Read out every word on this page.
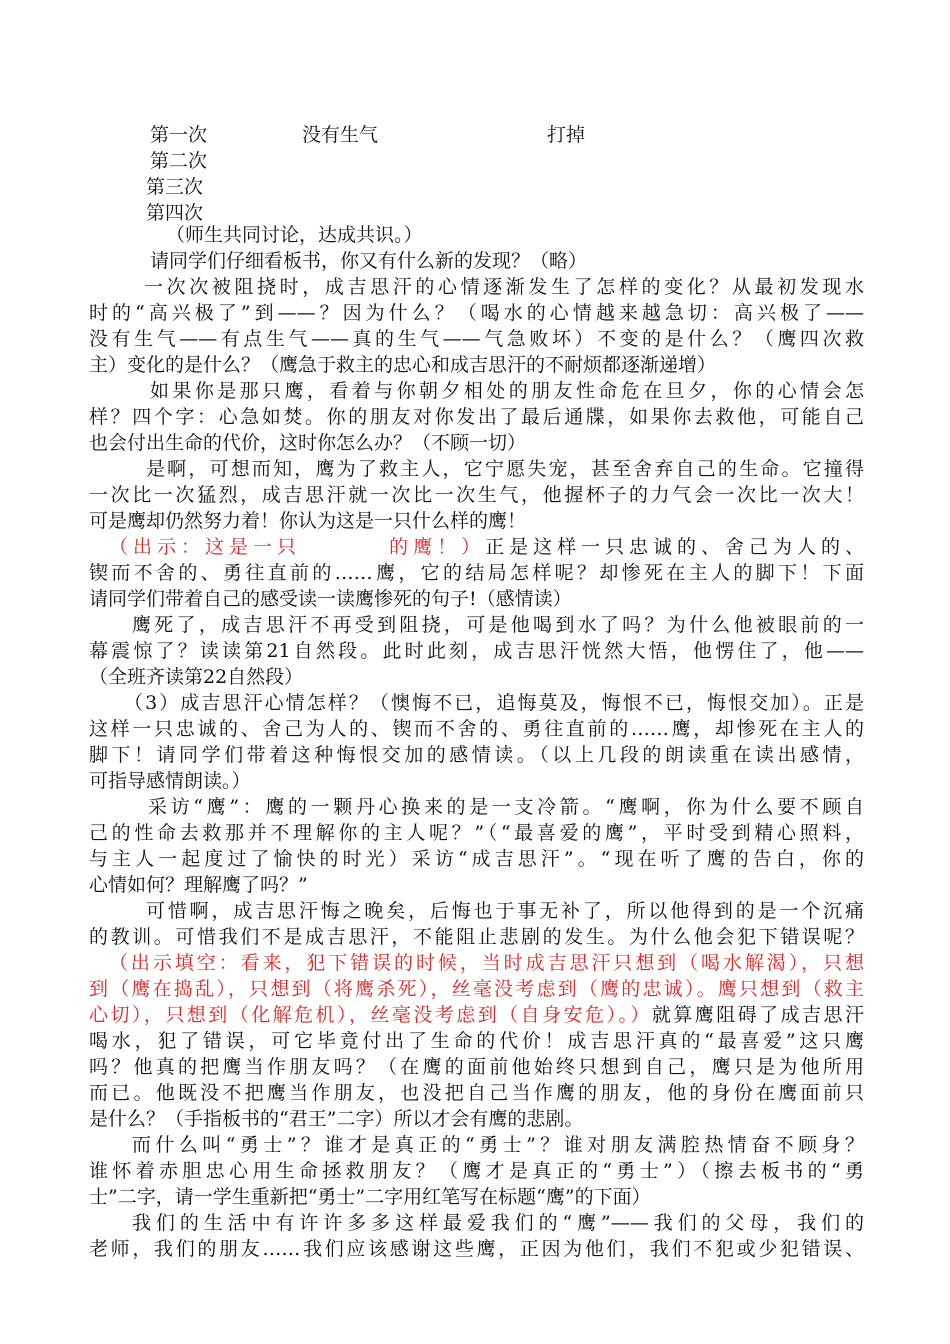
第一次	没有生气	打掉
第二次
第三次
第四次
（师生共同讨论，达成共识。）
请同学们仔细看板书，你又有什么新的发现？（略）
一次次被阻挠时，成吉思汗的心情逐渐发生了怎样的变化？从最初发现水
时的“高兴极了”到——？因为什么？（喝水的心情越来越急切：高兴极了——
没有生气——有点生气——真的生气——气急败坏）不变的是什么？（鹰四次救
主）变化的是什么？（鹰急于救主的忠心和成吉思汗的不耐烦都逐渐递增）
如果你是那只鹰，看着与你朝夕相处的朋友性命危在旦夕，你的心情会怎
样？四个字：心急如焚。你的朋友对你发出了最后通牒，如果你去救他，可能自己
也会付出生命的代价，这时你怎么办？（不顾一切）
是啊，可想而知，鹰为了救主人，它宁愿失宠，甚至舍弃自己的生命。它撞得
一次比一次猛烈，成吉思汗就一次比一次生气，他握杯子的力气会一次比一次大！
可是鹰却仍然努力着！你认为这是一只什么样的鹰！
（出示：这是一只	的鹰！）正是这样一只忠诚的、舍己为人的、
锲而不舍的、勇往直前的……鹰，它的结局怎样呢？却惨死在主人的脚下！下面
请同学们带着自己的感受读一读鹰惨死的句子!（感情读）
鹰死了，成吉思汗不再受到阻挠，可是他喝到水了吗？为什么他被眼前的一
幕震惊了？读读第21自然段。此时此刻，成吉思汗恍然大悟，他愣住了，他——
（全班齐读第22自然段）
（3）成吉思汗心情怎样？（懊悔不已，追悔莫及，悔恨不已，悔恨交加）。正是
这样一只忠诚的、舍己为人的、锲而不舍的、勇往直前的……鹰，却惨死在主人的
脚下！请同学们带着这种悔恨交加的感情读。（以上几段的朗读重在读出感情，
可指导感情朗读。）
采访“鹰”：鹰的一颗丹心换来的是一支冷箭。“鹰啊，你为什么要不顾自
己的性命去救那并不理解你的主人呢？”（“最喜爱的鹰”，平时受到精心照料，
与主人一起度过了愉快的时光）采访“成吉思汗”。“现在听了鹰的告白，你的
心情如何？理解鹰了吗？”
可惜啊，成吉思汗悔之晚矣，后悔也于事无补了，所以他得到的是一个沉痛
的教训。可惜我们不是成吉思汗，不能阻止悲剧的发生。为什么他会犯下错误呢？
（出示填空：看来，犯下错误的时候，当时成吉思汗只想到（喝水解渴），只想
到（鹰在捣乱），只想到（将鹰杀死），丝毫没考虑到（鹰的忠诚）。鹰只想到（救主
心切），只想到（化解危机），丝毫没考虑到（自身安危）。）就算鹰阻碍了成吉思汗
喝水，犯了错误，可它毕竟付出了生命的代价！成吉思汗真的“最喜爱”这只鹰
吗？他真的把鹰当作朋友吗？（在鹰的面前他始终只想到自己，鹰只是为他所用
而已。他既没不把鹰当作朋友，也没把自己当作鹰的朋友，他的身份在鹰面前只
是什么？（手指板书的“君王”二字）所以才会有鹰的悲剧。
而什么叫“勇士”？谁才是真正的“勇士”？谁对朋友满腔热情奋不顾身？
谁怀着赤胆忠心用生命拯救朋友？（鹰才是真正的“勇士”）（擦去板书的“勇
士”二字，请一学生重新把“勇士”二字用红笔写在标题“鹰”的下面）
我们的生活中有许许多多这样最爱我们的“鹰”——我们的父母，我们的
老师，我们的朋友……我们应该感谢这些鹰，正因为他们，我们不犯或少犯错误、
